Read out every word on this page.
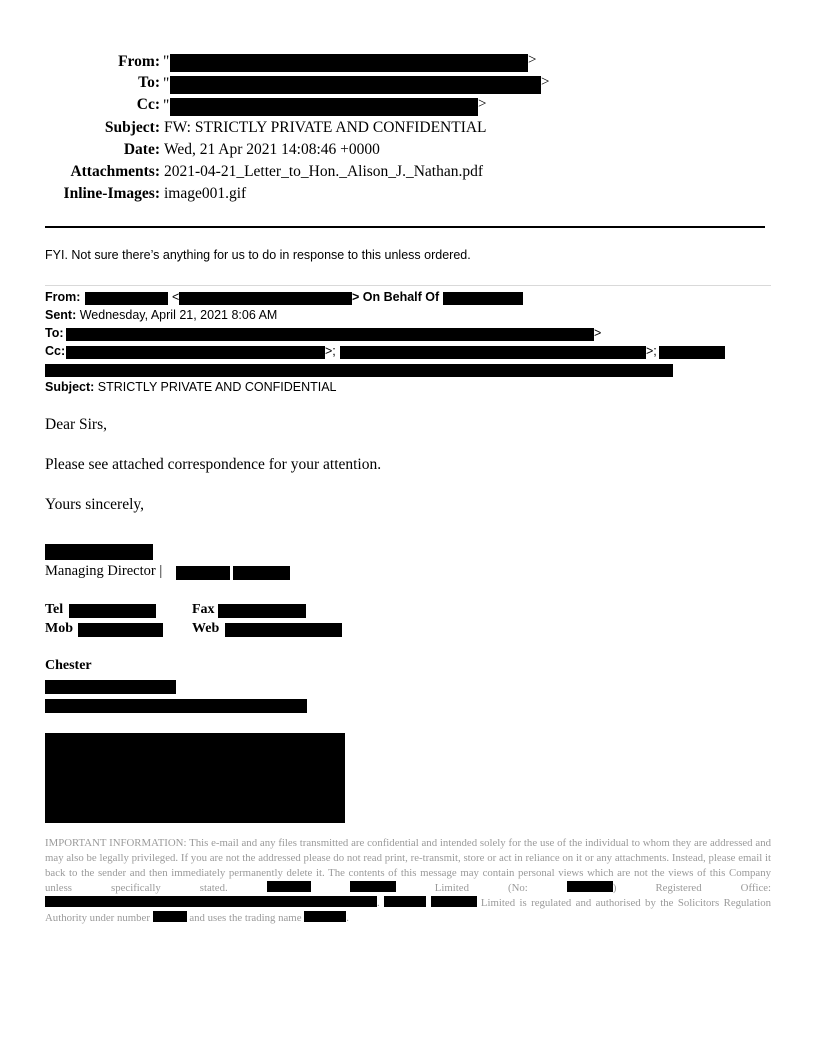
From: "	>
To: "	>
Cc: "	>
Subject: FW: STRICTLY PRIVATE AND CONFIDENTIAL
Date: Wed, 21 Apr 2021 14:08:46 +0000
Attachments: 2021-04-21_Letter_to_Hon._Alison_J._Nathan.pdf
Inline-Images: image001.gif
FYI. Not sure there’s anything for us to do in response to this unless ordered.
From:	<	> On Behalf Of
Sent: Wednesday, April 21, 2021 8:06 AM
To:	>
Cc:	>;	>;
Subject: STRICTLY PRIVATE AND CONFIDENTIAL
Dear Sirs,
Please see attached correspondence for your attention.
Yours sincerely,
Managing Director |
Tel	Fax
Mob	Web
Chester
IMPORTANT INFORMATION: This e-mail and any files transmitted are confidential and intended solely for the use of the individual to whom they are addressed and may also be legally privileged. If you are not the addressed please do not read print, re-transmit, store or act in reliance on it or any attachments. Instead, please email it back to the sender and then immediately permanently delete it. The contents of this message may contain personal views which are not the views of this Company unless specifically stated.	Limited (No:	)	Registered Office: .	Limited is regulated and authorised by the Solicitors Regulation Authority under number	and uses the trading name	.
